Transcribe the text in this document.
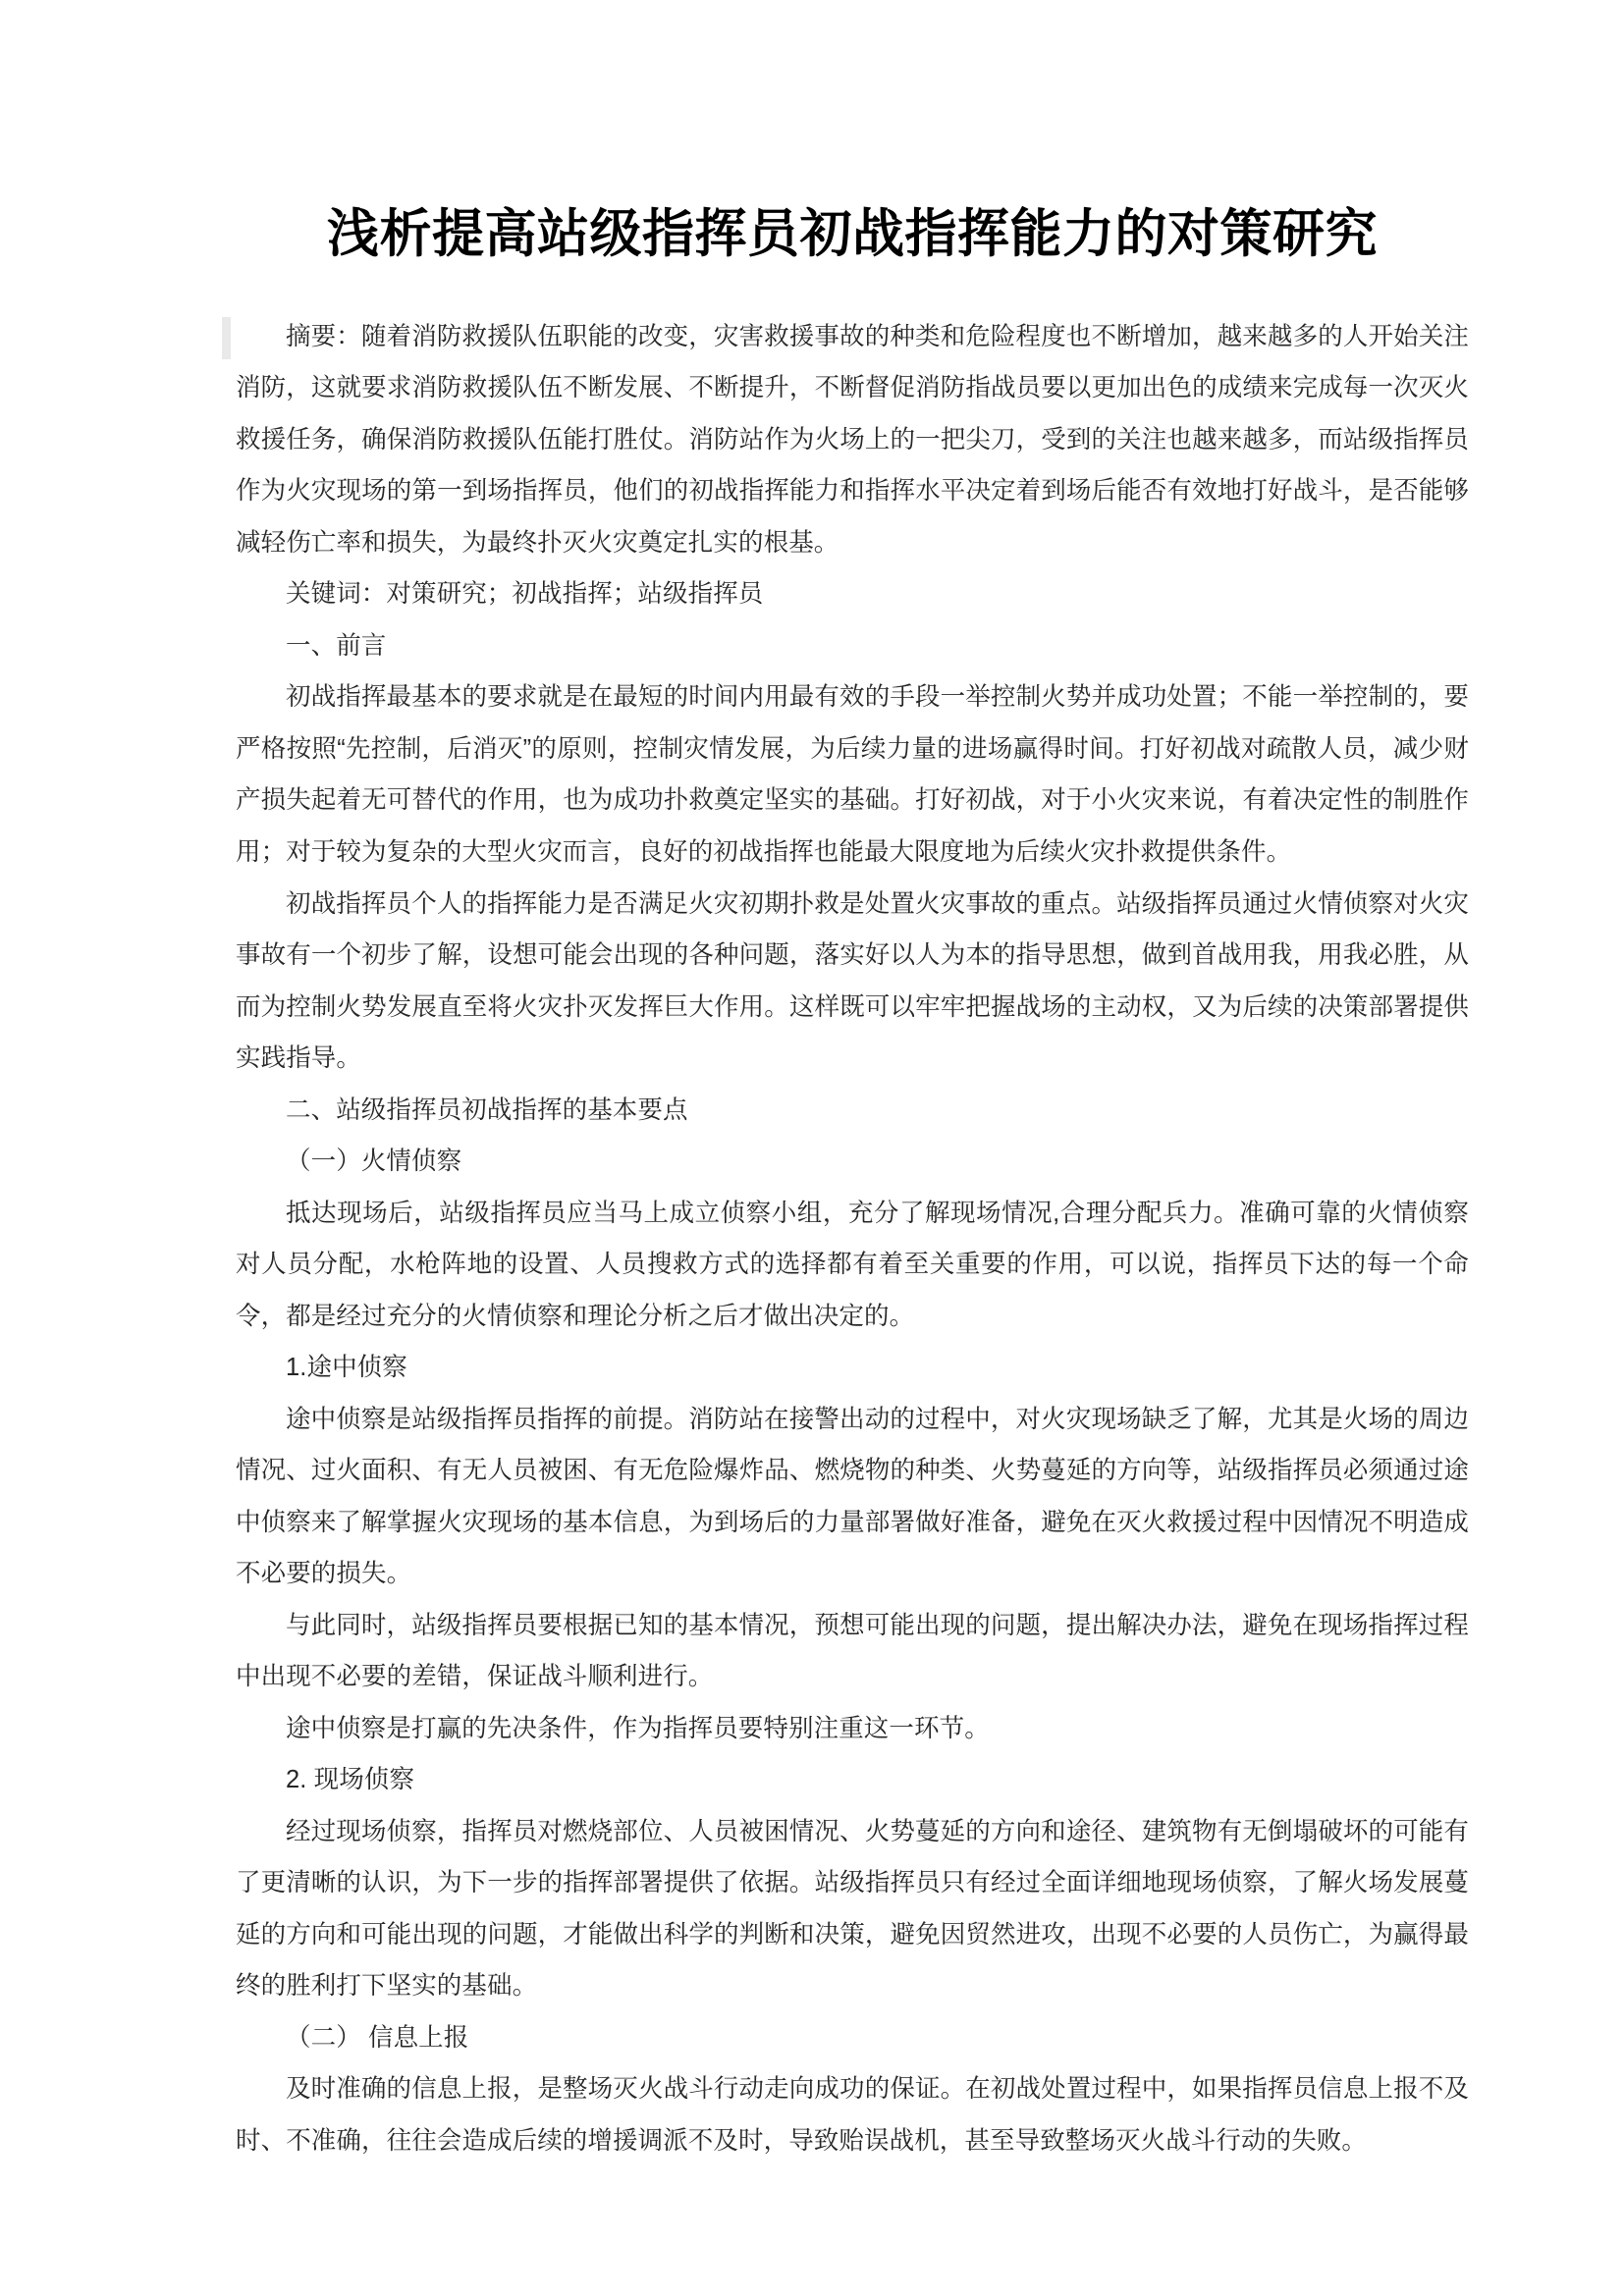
浅析提高站级指挥员初战指挥能力的对策研究

摘要：随着消防救援队伍职能的改变，灾害救援事故的种类和危险程度也不断增加，越来越多的人开始关注消防，这就要求消防救援队伍不断发展、不断提升，不断督促消防指战员要以更加出色的成绩来完成每一次灭火救援任务，确保消防救援队伍能打胜仗。消防站作为火场上的一把尖刀，受到的关注也越来越多，而站级指挥员作为火灾现场的第一到场指挥员，他们的初战指挥能力和指挥水平决定着到场后能否有效地打好战斗，是否能够减轻伤亡率和损失，为最终扑灭火灾奠定扎实的根基。

关键词：对策研究；初战指挥；站级指挥员

一、前言

初战指挥最基本的要求就是在最短的时间内用最有效的手段一举控制火势并成功处置；不能一举控制的，要严格按照“先控制，后消灭”的原则，控制灾情发展，为后续力量的进场赢得时间。打好初战对疏散人员，减少财产损失起着无可替代的作用，也为成功扑救奠定坚实的基础。打好初战，对于小火灾来说，有着决定性的制胜作用；对于较为复杂的大型火灾而言，良好的初战指挥也能最大限度地为后续火灾扑救提供条件。

初战指挥员个人的指挥能力是否满足火灾初期扑救是处置火灾事故的重点。站级指挥员通过火情侦察对火灾事故有一个初步了解，设想可能会出现的各种问题，落实好以人为本的指导思想，做到首战用我，用我必胜，从而为控制火势发展直至将火灾扑灭发挥巨大作用。这样既可以牢牢把握战场的主动权，又为后续的决策部署提供实践指导。

二、站级指挥员初战指挥的基本要点

（一）火情侦察

抵达现场后，站级指挥员应当马上成立侦察小组，充分了解现场情况,合理分配兵力。准确可靠的火情侦察对人员分配，水枪阵地的设置、人员搜救方式的选择都有着至关重要的作用，可以说，指挥员下达的每一个命令，都是经过充分的火情侦察和理论分析之后才做出决定的。

1.途中侦察

途中侦察是站级指挥员指挥的前提。消防站在接警出动的过程中，对火灾现场缺乏了解，尤其是火场的周边情况、过火面积、有无人员被困、有无危险爆炸品、燃烧物的种类、火势蔓延的方向等，站级指挥员必须通过途中侦察来了解掌握火灾现场的基本信息，为到场后的力量部署做好准备，避免在灭火救援过程中因情况不明造成不必要的损失。

与此同时，站级指挥员要根据已知的基本情况，预想可能出现的问题，提出解决办法，避免在现场指挥过程中出现不必要的差错，保证战斗顺利进行。

途中侦察是打赢的先决条件，作为指挥员要特别注重这一环节。

2. 现场侦察

经过现场侦察，指挥员对燃烧部位、人员被困情况、火势蔓延的方向和途径、建筑物有无倒塌破坏的可能有了更清晰的认识，为下一步的指挥部署提供了依据。站级指挥员只有经过全面详细地现场侦察，了解火场发展蔓延的方向和可能出现的问题，才能做出科学的判断和决策，避免因贸然进攻，出现不必要的人员伤亡，为赢得最终的胜利打下坚实的基础。

（二） 信息上报

及时准确的信息上报，是整场灭火战斗行动走向成功的保证。在初战处置过程中，如果指挥员信息上报不及时、不准确，往往会造成后续的增援调派不及时，导致贻误战机，甚至导致整场灭火战斗行动的失败。
